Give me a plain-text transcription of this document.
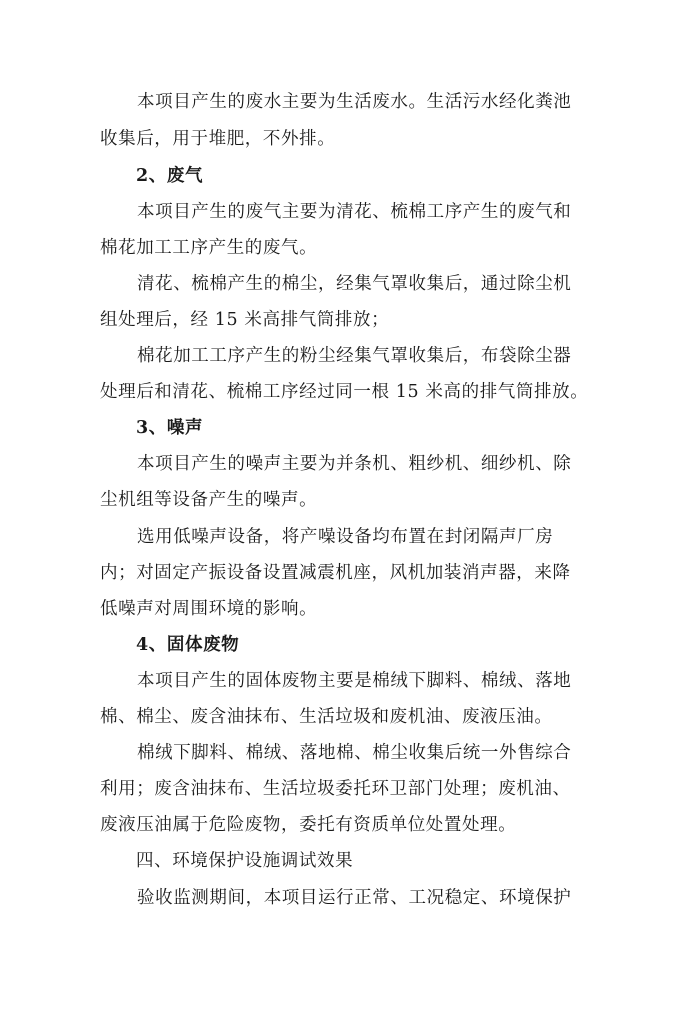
本项目产生的废水主要为生活废水。生活污水经化粪池
收集后，用于堆肥，不外排。
2、废气
本项目产生的废气主要为清花、梳棉工序产生的废气和
棉花加工工序产生的废气。
清花、梳棉产生的棉尘，经集气罩收集后，通过除尘机
组处理后，经 15 米高排气筒排放；
棉花加工工序产生的粉尘经集气罩收集后，布袋除尘器
处理后和清花、梳棉工序经过同一根 15 米高的排气筒排放。
3、噪声
本项目产生的噪声主要为并条机、粗纱机、细纱机、除
尘机组等设备产生的噪声。
选用低噪声设备，将产噪设备均布置在封闭隔声厂房
内；对固定产振设备设置减震机座，风机加装消声器，来降
低噪声对周围环境的影响。
4、固体废物
本项目产生的固体废物主要是棉绒下脚料、棉绒、落地
棉、棉尘、废含油抹布、生活垃圾和废机油、废液压油。
棉绒下脚料、棉绒、落地棉、棉尘收集后统一外售综合
利用；废含油抹布、生活垃圾委托环卫部门处理；废机油、
废液压油属于危险废物，委托有资质单位处置处理。
四、环境保护设施调试效果
验收监测期间，本项目运行正常、工况稳定、环境保护
